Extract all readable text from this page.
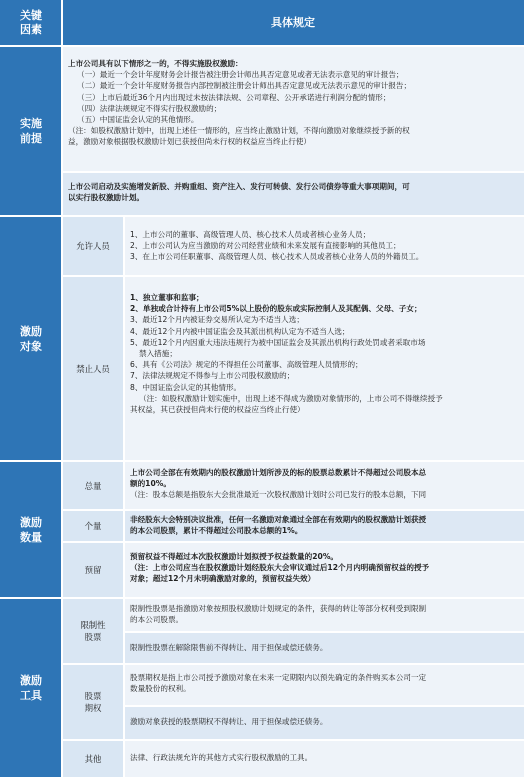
关键
因素
具体规定
实施
前提
上市公司具有以下情形之一的，不得实施股权激励：
（一）最近一个会计年度财务会计报告被注册会计师出具否定意见或者无法表示意见的审计报告；
（二）最近一个会计年度财务报告内部控制被注册会计师出具否定意见或无法表示意见的审计报告；
（三）上市后最近36个月内出现过未按法律法规、公司章程、公开承诺进行利润分配的情形；
（四）法律法规规定不得实行股权激励的；
（五）中国证监会认定的其他情形。
（注：如股权激励计划中，出现上述任一情形的，应当终止激励计划，不得向激励对象继续授予新的权
益，激励对象根据股权激励计划已获授但尚未行权的权益应当终止行使）
上市公司启动及实施增发新股、并购重组、资产注入、发行可转债、发行公司债券等重大事项期间，可
以实行股权激励计划。
激励
对象
允许人员
1、上市公司的董事、高级管理人员、核心技术人员或者核心业务人员；
2、上市公司认为应当激励的对公司经营业绩和未来发展有直接影响的其他员工；
3、在上市公司任职董事、高级管理人员、核心技术人员或者核心业务人员的外籍员工。
禁止人员
1、独立董事和监事；
2、单独或合计持有上市公司5%以上股份的股东或实际控制人及其配偶、父母、子女；
3、最近12个月内被证券交易所认定为不适当人选；
4、最近12个月内被中国证监会及其派出机构认定为不适当人选；
5、最近12个月内因重大违法违规行为被中国证监会及其派出机构行政处罚或者采取市场
禁入措施；
6、具有《公司法》规定的不得担任公司董事、高级管理人员情形的；
7、法律法规规定不得参与上市公司股权激励的；
8、中国证监会认定的其他情形。
（注：如股权激励计划实施中，出现上述不得成为激励对象情形的，上市公司不得继续授予
其权益，其已获授但尚未行使的权益应当终止行使）
激励
数量
总量
上市公司全部在有效期内的股权激励计划所涉及的标的股票总数累计不得超过公司股本总
额的10%。
（注：股本总额是指股东大会批准最近一次股权激励计划时公司已发行的股本总额，下同
个量
非经股东大会特别决议批准，任何一名激励对象通过全部在有效期内的股权激励计划获授
的本公司股票，累计不得超过公司股本总额的1%。
预留
预留权益不得超过本次股权激励计划拟授予权益数量的20%。
（注：上市公司应当在股权激励计划经股东大会审议通过后12个月内明确预留权益的授予
对象；超过12个月未明确激励对象的，预留权益失效）
激励
工具
限制性
股票
限制性股票是指激励对象按照股权激励计划规定的条件，获得的转让等部分权利受到限制
的本公司股票。
限制性股票在解除限售前不得转让、用于担保或偿还债务。
股票
期权
股票期权是指上市公司授予激励对象在未来一定期限内以预先确定的条件购买本公司一定
数量股份的权利。
激励对象获授的股票期权不得转让、用于担保或偿还债务。
其他	法律、行政法规允许的其他方式实行股权激励的工具。
